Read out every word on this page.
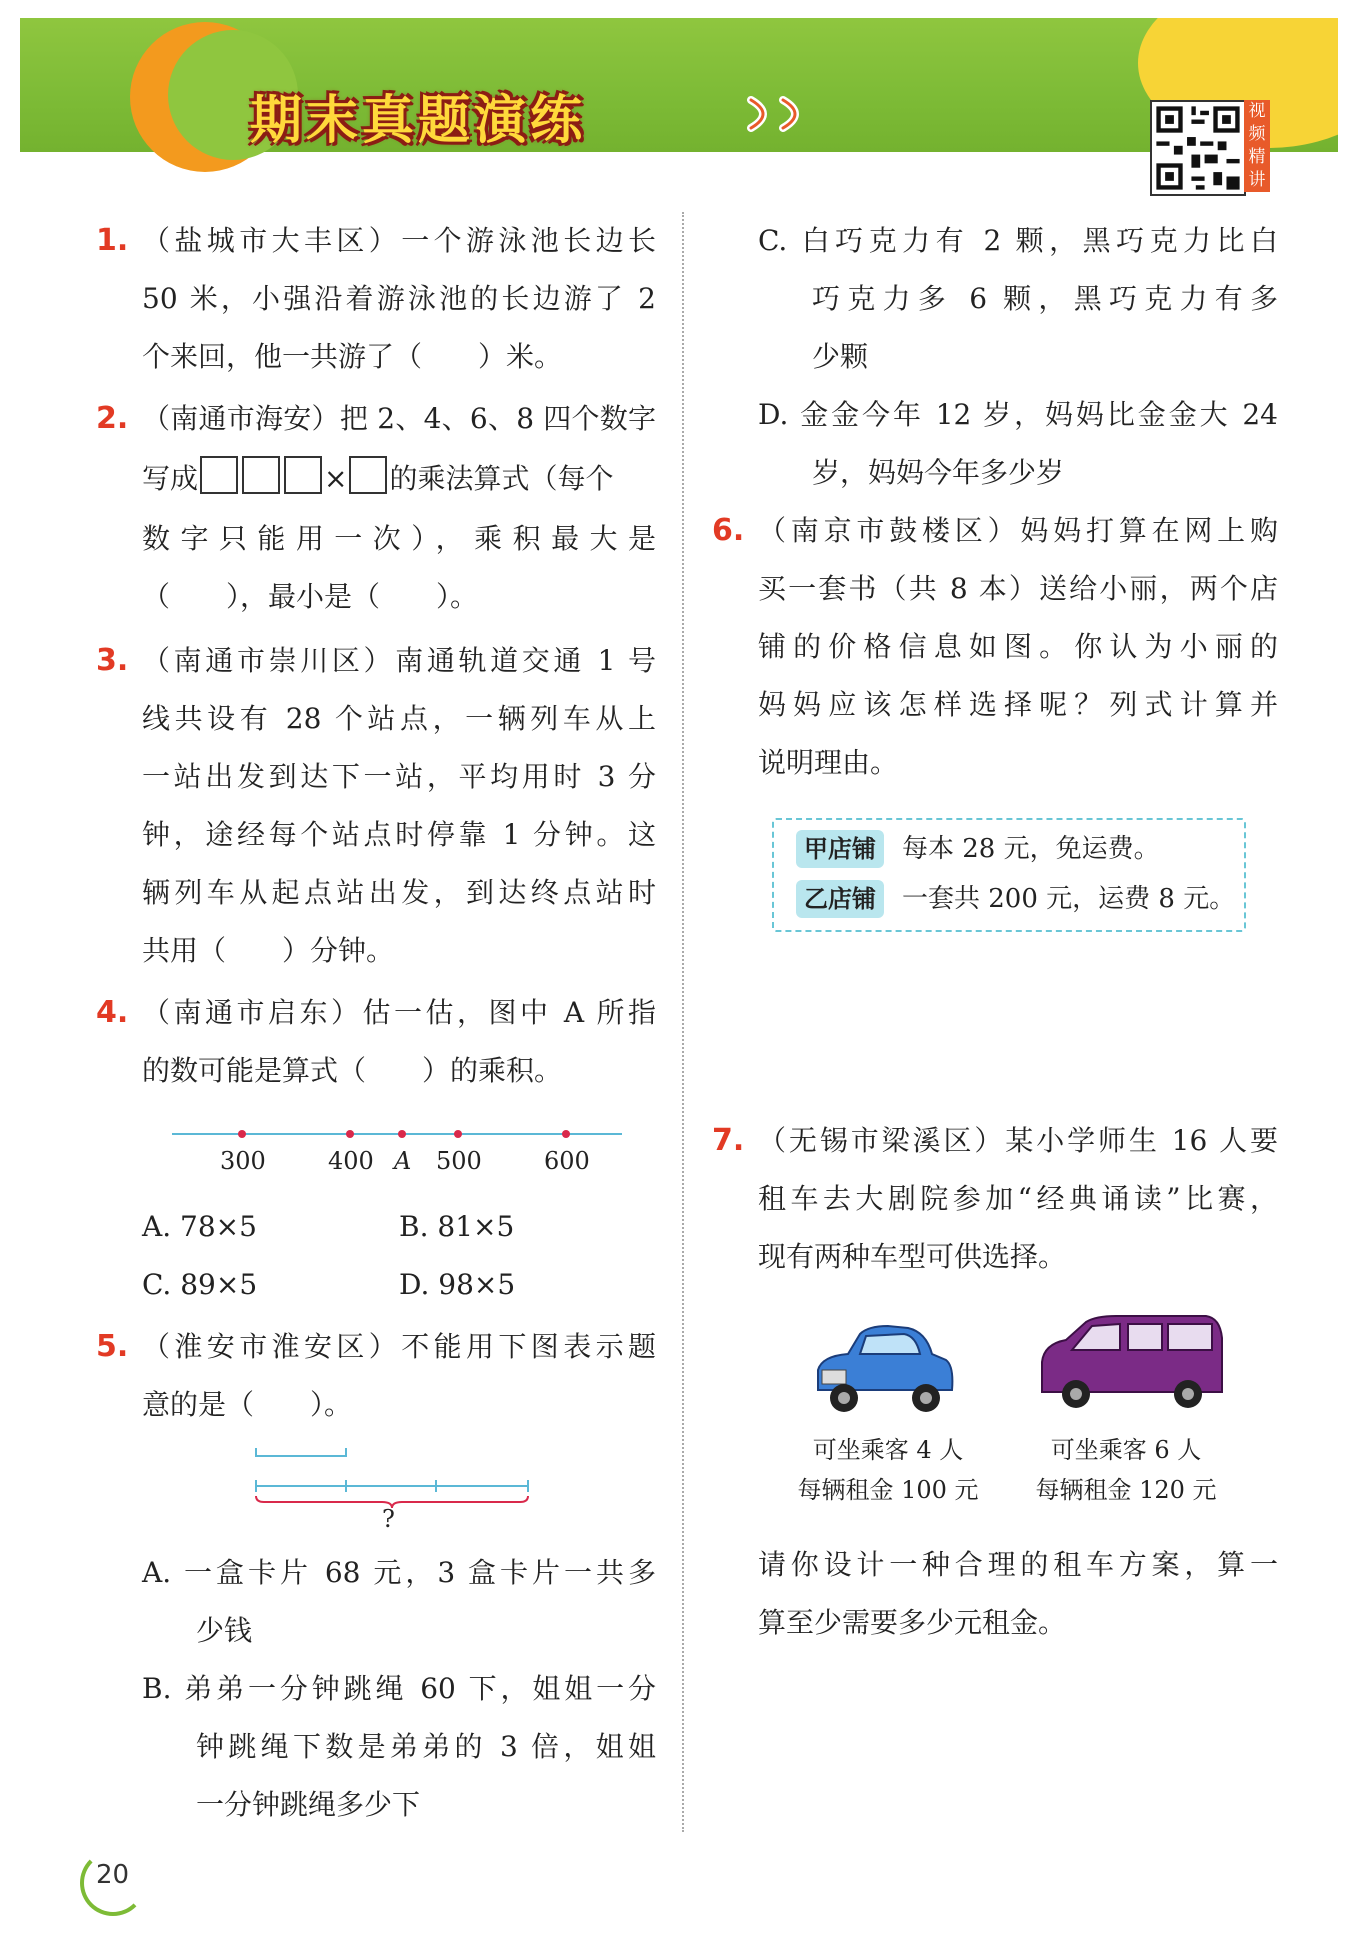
期末真题演练	视频精讲
1. （盐城市大丰区）一个游泳池长边长
50 米，小强沿着游泳池的长边游了 2
个来回，他一共游了（　　）米。
2. （南通市海安）把 2、4、6、8 四个数字
写成	× 的乘法算式（每个
数字只能用一次），乘积最大是
（　　），最小是（　　）。
3. （南通市崇川区）南通轨道交通 1 号
线共设有 28 个站点，一辆列车从上
一站出发到达下一站，平均用时 3 分
钟，途经每个站点时停靠 1 分钟。这
辆列车从起点站出发，到达终点站时
共用（　　）分钟。
4. （南通市启东）估一估，图中 A 所指
的数可能是算式（　　）的乘积。
300	400 A 500	600
A. 78×5	B. 81×5
C. 89×5	D. 98×5
5. （淮安市淮安区）不能用下图表示题
意的是（　　）。
?
A. 一盒卡片 68 元，3 盒卡片一共多
少钱
B. 弟弟一分钟跳绳 60 下，姐姐一分
钟跳绳下数是弟弟的 3 倍，姐姐
一分钟跳绳多少下
C. 白巧克力有 2 颗，黑巧克力比白
巧克力多 6 颗，黑巧克力有多
少颗
D. 金金今年 12 岁，妈妈比金金大 24
岁，妈妈今年多少岁
6. （南京市鼓楼区）妈妈打算在网上购
买一套书（共 8 本）送给小丽，两个店
铺的价格信息如图。你认为小丽的
妈妈应该怎样选择呢？列式计算并
说明理由。
甲店铺 每本 28 元，免运费。
乙店铺 一套共 200 元，运费 8 元。
7. （无锡市梁溪区）某小学师生 16 人要
租车去大剧院参加“经典诵读”比赛，
现有两种车型可供选择。
可坐乘客 4 人
每辆租金 100 元
可坐乘客 6 人
每辆租金 120 元
请你设计一种合理的租车方案，算一
算至少需要多少元租金。
20
